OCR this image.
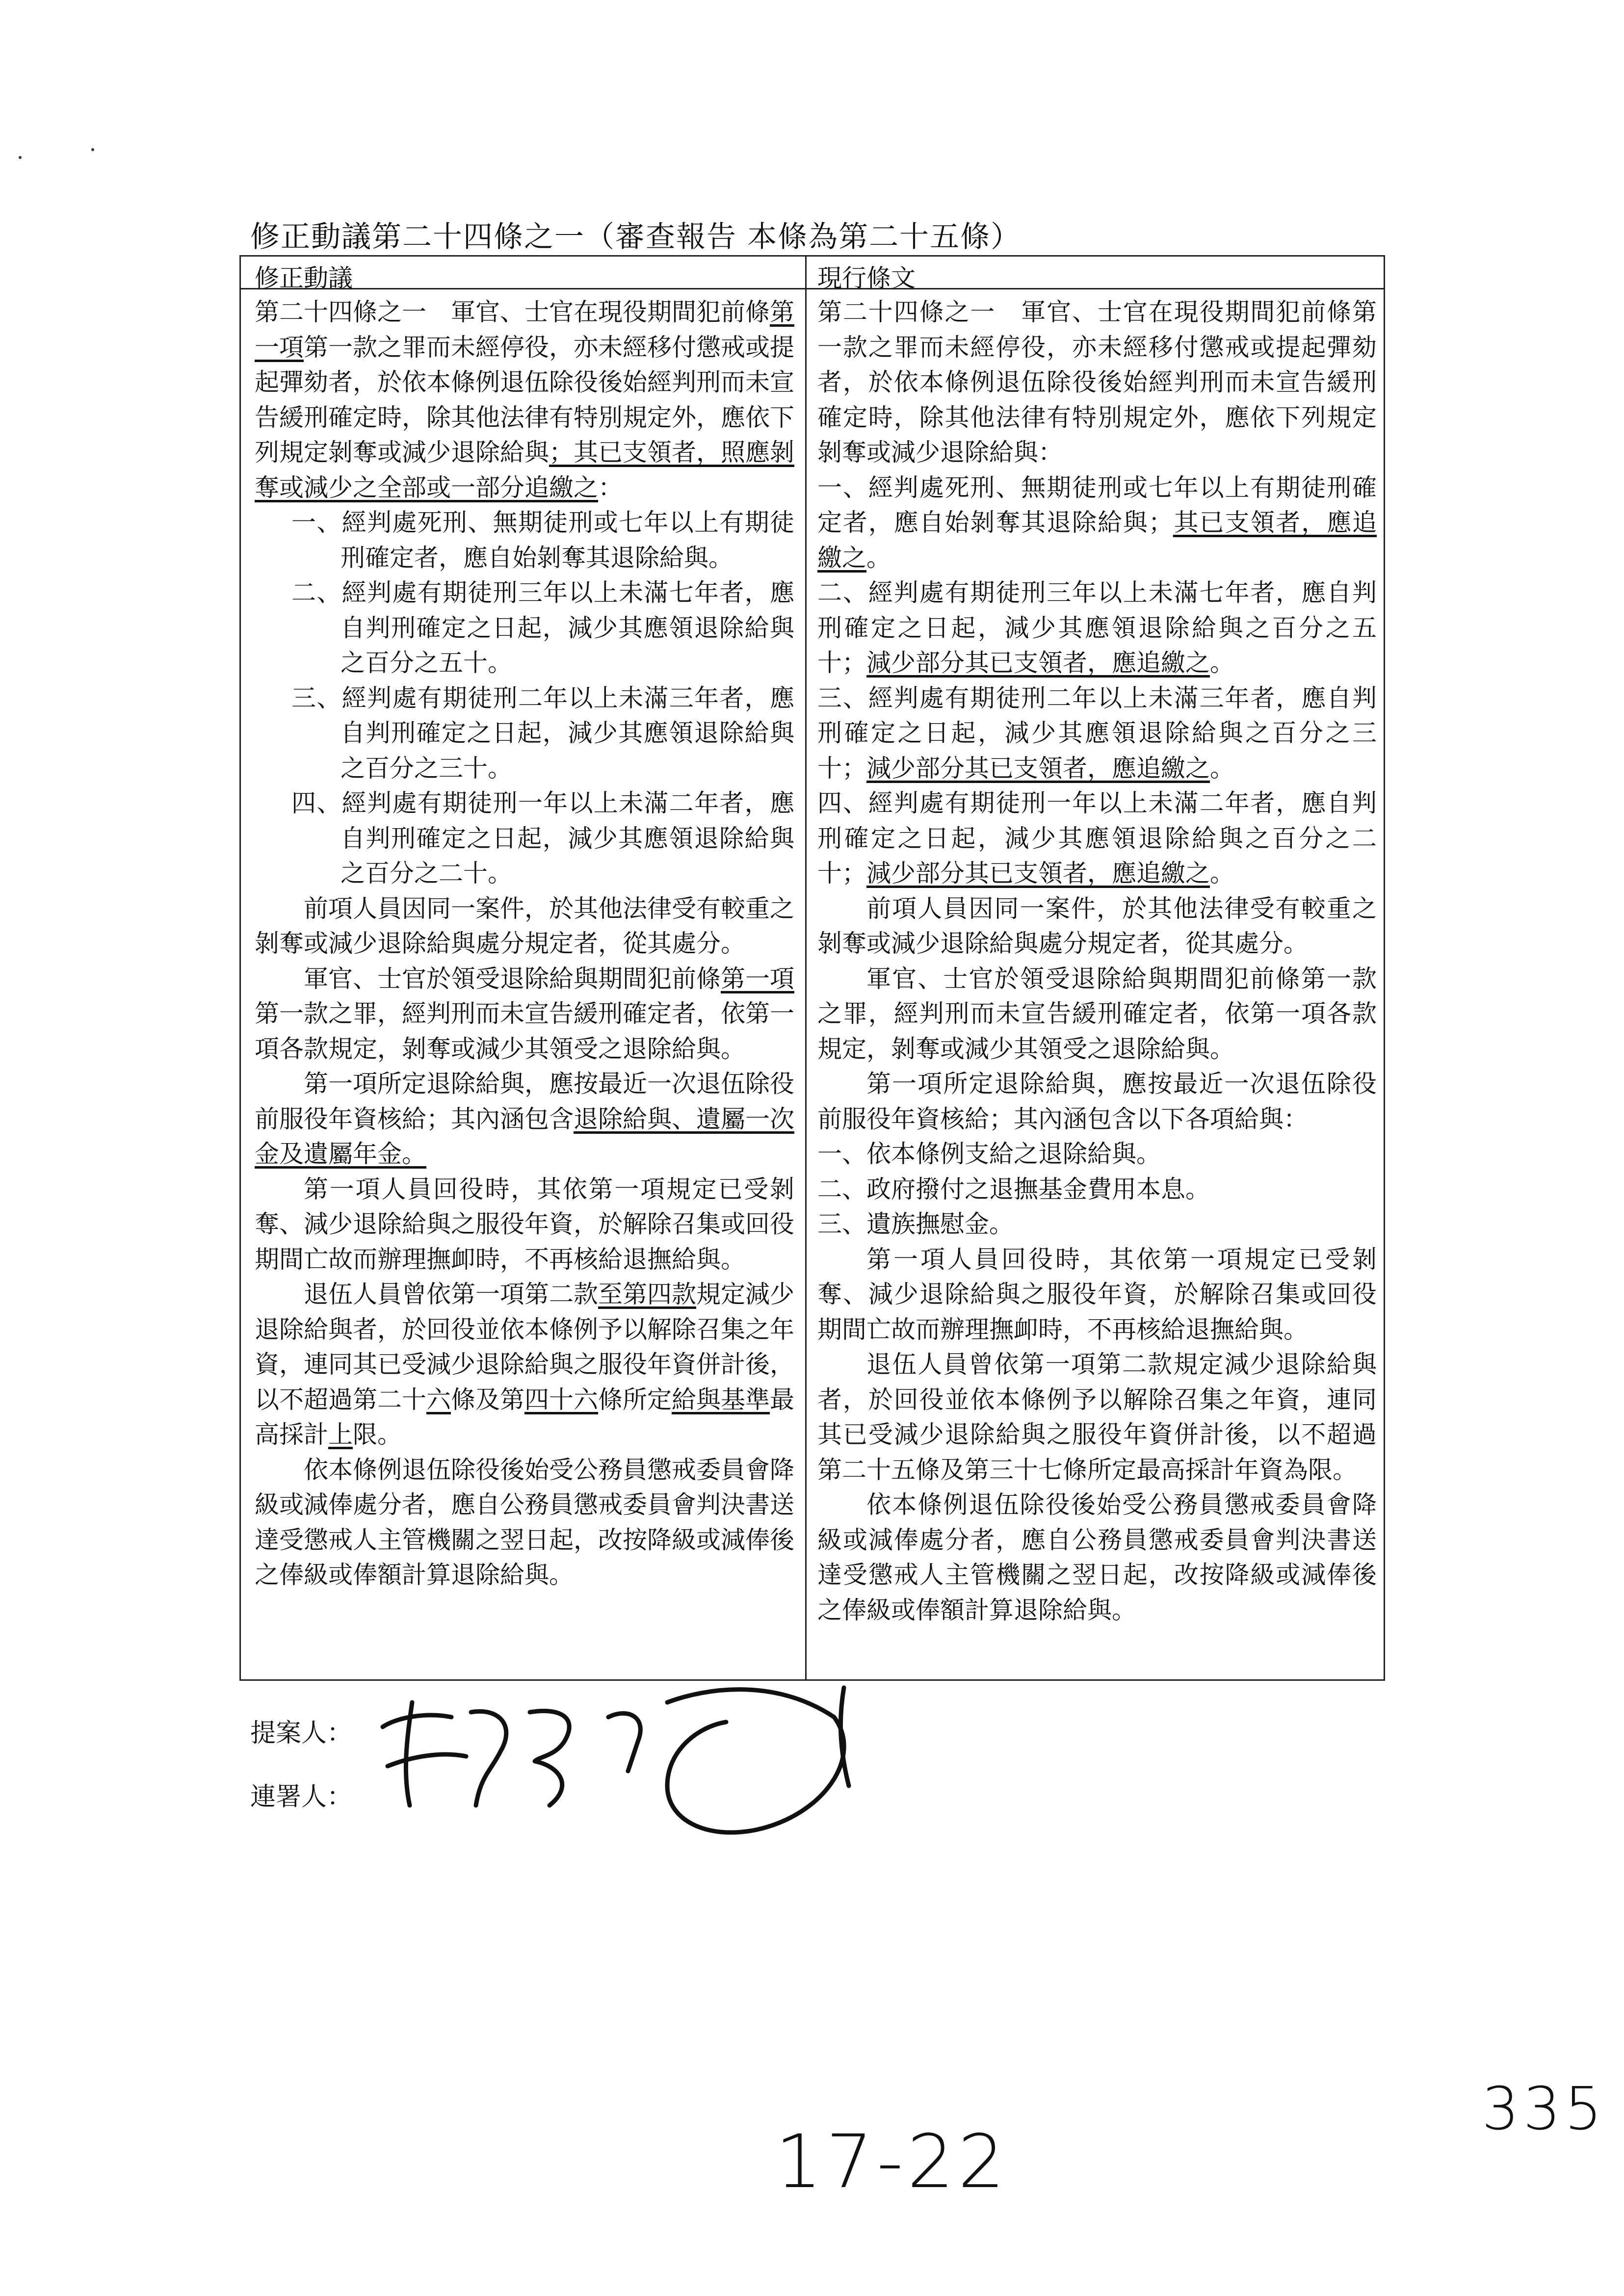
修正動議第二十四條之一（審查報告 本條為第二十五條）
修正動議	現行條文

第二十四條之一　軍官、士官在現役期間犯前條第一項第一款之罪而未經停役，亦未經移付懲戒或提起彈劾者，於依本條例退伍除役後始經判刑而未宣告緩刑確定時，除其他法律有特別規定外，應依下列規定剝奪或減少退除給與；其已支領者，照應剝奪或減少之全部或一部分追繳之：

一、經判處死刑、無期徒刑或七年以上有期徒刑確定者，應自始剝奪其退除給與。

二、經判處有期徒刑三年以上未滿七年者，應自判刑確定之日起，減少其應領退除給與之百分之五十。

三、經判處有期徒刑二年以上未滿三年者，應自判刑確定之日起，減少其應領退除給與之百分之三十。

四、經判處有期徒刑一年以上未滿二年者，應自判刑確定之日起，減少其應領退除給與之百分之二十。

前項人員因同一案件，於其他法律受有較重之剝奪或減少退除給與處分規定者，從其處分。

軍官、士官於領受退除給與期間犯前條第一項第一款之罪，經判刑而未宣告緩刑確定者，依第一項各款規定，剝奪或減少其領受之退除給與。

第一項所定退除給與，應按最近一次退伍除役前服役年資核給；其內涵包含退除給與、遺屬一次金及遺屬年金。

第一項人員回役時，其依第一項規定已受剝奪、減少退除給與之服役年資，於解除召集或回役期間亡故而辦理撫卹時，不再核給退撫給與。

退伍人員曾依第一項第二款至第四款規定減少退除給與者，於回役並依本條例予以解除召集之年資，連同其已受減少退除給與之服役年資併計後，以不超過第二十六條及第四十六條所定給與基準最高採計上限。

依本條例退伍除役後始受公務員懲戒委員會降級或減俸處分者，應自公務員懲戒委員會判決書送達受懲戒人主管機關之翌日起，改按降級或減俸後之俸級或俸額計算退除給與。

第二十四條之一　軍官、士官在現役期間犯前條第一款之罪而未經停役，亦未經移付懲戒或提起彈劾者，於依本條例退伍除役後始經判刑而未宣告緩刑確定時，除其他法律有特別規定外，應依下列規定剝奪或減少退除給與：

一、經判處死刑、無期徒刑或七年以上有期徒刑確定者，應自始剝奪其退除給與；其已支領者，應追繳之。

二、經判處有期徒刑三年以上未滿七年者，應自判刑確定之日起，減少其應領退除給與之百分之五十；減少部分其已支領者，應追繳之。

三、經判處有期徒刑二年以上未滿三年者，應自判刑確定之日起，減少其應領退除給與之百分之三十；減少部分其已支領者，應追繳之。

四、經判處有期徒刑一年以上未滿二年者，應自判刑確定之日起，減少其應領退除給與之百分之二十；減少部分其已支領者，應追繳之。

前項人員因同一案件，於其他法律受有較重之剝奪或減少退除給與處分規定者，從其處分。

軍官、士官於領受退除給與期間犯前條第一款之罪，經判刑而未宣告緩刑確定者，依第一項各款規定，剝奪或減少其領受之退除給與。

第一項所定退除給與，應按最近一次退伍除役前服役年資核給；其內涵包含以下各項給與：

一、依本條例支給之退除給與。

二、政府撥付之退撫基金費用本息。

三、遺族撫慰金。

第一項人員回役時，其依第一項規定已受剝奪、減少退除給與之服役年資，於解除召集或回役期間亡故而辦理撫卹時，不再核給退撫給與。

退伍人員曾依第一項第二款規定減少退除給與者，於回役並依本條例予以解除召集之年資，連同其已受減少退除給與之服役年資併計後，以不超過第二十五條及第三十七條所定最高採計年資為限。

依本條例退伍除役後始受公務員懲戒委員會降級或減俸處分者，應自公務員懲戒委員會判決書送達受懲戒人主管機關之翌日起，改按降級或減俸後之俸級或俸額計算退除給與。

提案人：
連署人：
17-22
335
